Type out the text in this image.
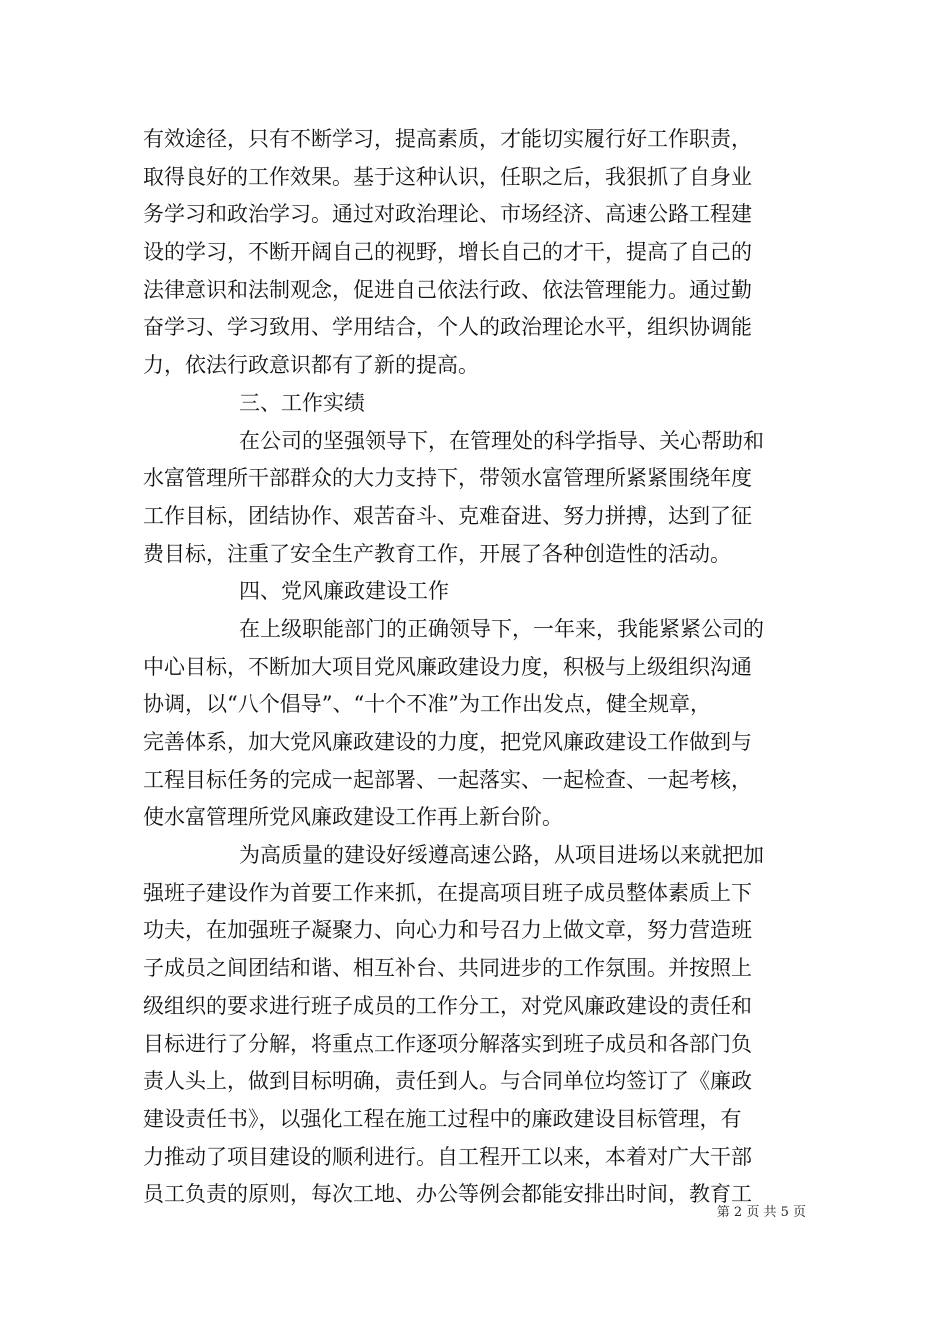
有效途径，只有不断学习，提高素质，才能切实履行好工作职责，
取得良好的工作效果。基于这种认识，任职之后，我狠抓了自身业
务学习和政治学习。通过对政治理论、市场经济、高速公路工程建
设的学习，不断开阔自己的视野，增长自己的才干，提高了自己的
法律意识和法制观念，促进自己依法行政、依法管理能力。通过勤
奋学习、学习致用、学用结合，个人的政治理论水平，组织协调能
力，依法行政意识都有了新的提高。
三、工作实绩
在公司的坚强领导下，在管理处的科学指导、关心帮助和
水富管理所干部群众的大力支持下，带领水富管理所紧紧围绕年度
工作目标，团结协作、艰苦奋斗、克难奋进、努力拼搏，达到了征
费目标，注重了安全生产教育工作，开展了各种创造性的活动。
四、党风廉政建设工作
在上级职能部门的正确领导下，一年来，我能紧紧公司的
中心目标，不断加大项目党风廉政建设力度，积极与上级组织沟通
协调，以“八个倡导”、“十个不准”为工作出发点，健全规章，
完善体系，加大党风廉政建设的力度，把党风廉政建设工作做到与
工程目标任务的完成一起部署、一起落实、一起检查、一起考核，
使水富管理所党风廉政建设工作再上新台阶。
为高质量的建设好绥遵高速公路，从项目进场以来就把加
强班子建设作为首要工作来抓，在提高项目班子成员整体素质上下
功夫，在加强班子凝聚力、向心力和号召力上做文章，努力营造班
子成员之间团结和谐、相互补台、共同进步的工作氛围。并按照上
级组织的要求进行班子成员的工作分工，对党风廉政建设的责任和
目标进行了分解，将重点工作逐项分解落实到班子成员和各部门负
责人头上，做到目标明确，责任到人。与合同单位均签订了《廉政
建设责任书》，以强化工程在施工过程中的廉政建设目标管理，有
力推动了项目建设的顺利进行。自工程开工以来，本着对广大干部
员工负责的原则，每次工地、办公等例会都能安排出时间，教育工
第 2 页 共 5 页
